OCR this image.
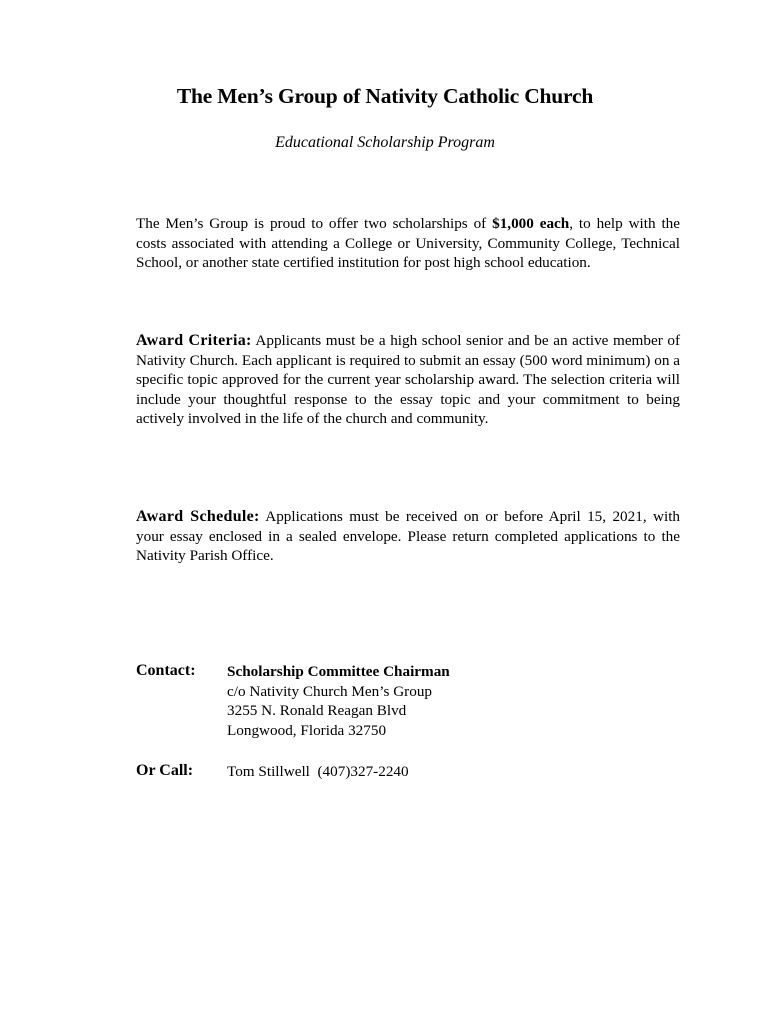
The Men’s Group of Nativity Catholic Church
Educational Scholarship Program
The Men’s Group is proud to offer two scholarships of $1,000 each, to help with the costs associated with attending a College or University, Community College, Technical School, or another state certified institution for post high school education.
Award Criteria: Applicants must be a high school senior and be an active member of Nativity Church. Each applicant is required to submit an essay (500 word minimum) on a specific topic approved for the current year scholarship award. The selection criteria will include your thoughtful response to the essay topic and your commitment to being actively involved in the life of the church and community.
Award Schedule: Applications must be received on or before April 15, 2021, with your essay enclosed in a sealed envelope. Please return completed applications to the Nativity Parish Office.
Contact: Scholarship Committee Chairman
c/o Nativity Church Men’s Group
3255 N. Ronald Reagan Blvd
Longwood, Florida 32750
Or Call: Tom Stillwell  (407)327-2240
